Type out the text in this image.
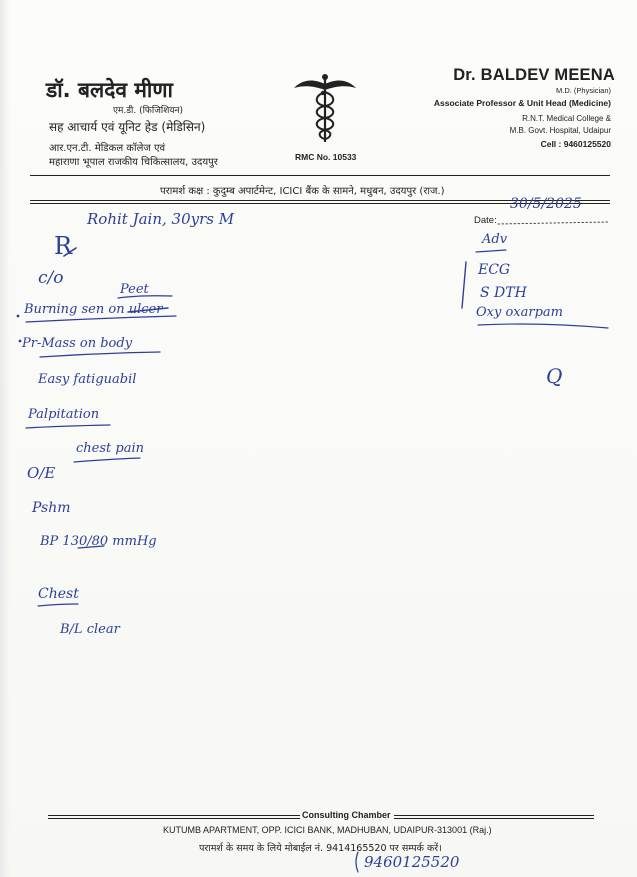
डॉ. बलदेव मीणा
एम.डी. (फिजिशियन)
सह आचार्य एवं यूनिट हेड (मेडिसिन)
आर.एन.टी. मेडिकल कॉलेज एवं
महाराणा भूपाल राजकीय चिकित्सालय, उदयपुर	RMC No. 10533
Dr. BALDEV MEENA
M.D. (Physician)
Associate Professor & Unit Head (Medicine)
R.N.T. Medical College &
M.B. Govt. Hospital, Udaipur
Cell : 9460125520
परामर्श कक्ष : कुदुम्ब अपार्टमेन्ट, ICICI बैंक के सामने, मधुबन, उदयपुर (राज.)
Date:
30/5/2025
Rohit Jain, 30yrs M
R
c/o
Peet
Burning sen on ulcer
Pr-Mass on body
Easy fatiguabil
Palpitation
chest pain
O/E
Pshm
BP 130/80 mmHg
Chest
B/L clear
Adv
ECG
S DTH
Oxy oxarpam
Q
Consulting Chamber
KUTUMB APARTMENT, OPP. ICICI BANK, MADHUBAN, UDAIPUR-313001 (Raj.)
परामर्श के समय के लिये मोबाईल नं. 9414165520 पर सम्पर्क करें।
9460125520
